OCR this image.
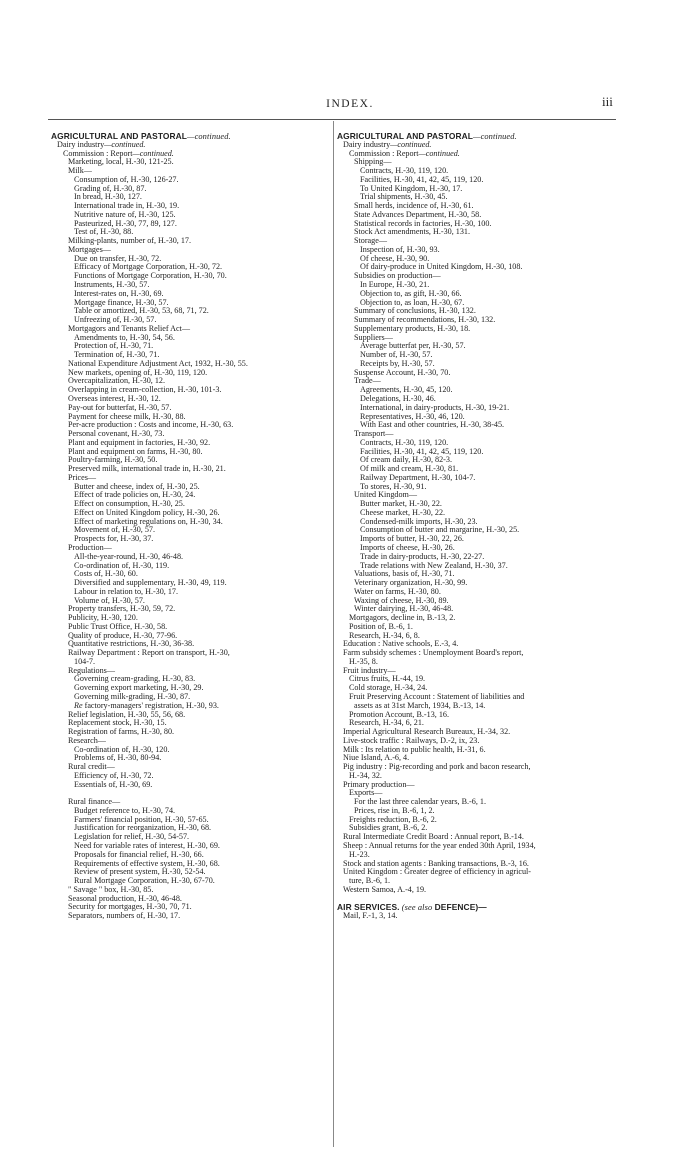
INDEX.	iii
AGRICULTURAL AND PASTORAL—continued.
Dairy industry—continued.
Commission : Report—continued.
Marketing, local, H.-30, 121-25.
Milk—
Consumption of, H.-30, 126-27.
Grading of, H.-30, 87.
In bread, H.-30, 127.
International trade in, H.-30, 19.
Nutritive nature of, H.-30, 125.
Pasteurized, H.-30, 77, 89, 127.
Test of, H.-30, 88.
Milking-plants, number of, H.-30, 17.
Mortgages—
Due on transfer, H.-30, 72.
Efficacy of Mortgage Corporation, H.-30, 72.
Functions of Mortgage Corporation, H.-30, 70.
Instruments, H.-30, 57.
Interest-rates on, H.-30, 69.
Mortgage finance, H.-30, 57.
Table or amortized, H.-30, 53, 68, 71, 72.
Unfreezing of, H.-30, 57.
Mortgagors and Tenants Relief Act—
Amendments to, H.-30, 54, 56.
Protection of, H.-30, 71.
Termination of, H.-30, 71.
National Expenditure Adjustment Act, 1932, H.-30, 55.
New markets, opening of, H.-30, 119, 120.
Overcapitalization, H.-30, 12.
Overlapping in cream-collection, H.-30, 101-3.
Overseas interest, H.-30, 12.
Pay-out for butterfat, H.-30, 57.
Payment for cheese milk, H.-30, 88.
Per-acre production : Costs and income, H.-30, 63.
Personal covenant, H.-30, 73.
Plant and equipment in factories, H.-30, 92.
Plant and equipment on farms, H.-30, 80.
Poultry-farming, H.-30, 50.
Preserved milk, international trade in, H.-30, 21.
Prices—
Butter and cheese, index of, H.-30, 25.
Effect of trade policies on, H.-30, 24.
Effect on consumption, H.-30, 25.
Effect on United Kingdom policy, H.-30, 26.
Effect of marketing regulations on, H.-30, 34.
Movement of, H.-30, 57.
Prospects for, H.-30, 37.
Production—
All-the-year-round, H.-30, 46-48.
Co-ordination of, H.-30, 119.
Costs of, H.-30, 60.
Diversified and supplementary, H.-30, 49, 119.
Labour in relation to, H.-30, 17.
Volume of, H.-30, 57.
Property transfers, H.-30, 59, 72.
Publicity, H.-30, 120.
Public Trust Office, H.-30, 58.
Quality of produce, H.-30, 77-96.
Quantitative restrictions, H.-30, 36-38.
Railway Department : Report on transport, H.-30,
104-7.
Regulations—
Governing cream-grading, H.-30, 83.
Governing export marketing, H.-30, 29.
Governing milk-grading, H.-30, 87.
Re factory-managers' registration, H.-30, 93.
Relief legislation, H.-30, 55, 56, 68.
Replacement stock, H.-30, 15.
Registration of farms, H.-30, 80.
Research—
Co-ordination of, H.-30, 120.
Problems of, H.-30, 80-94.
Rural credit—
Efficiency of, H.-30, 72.
Essentials of, H.-30, 69.
Rural finance—
Budget reference to, H.-30, 74.
Farmers' financial position, H.-30, 57-65.
Justification for reorganization, H.-30, 68.
Legislation for relief, H.-30, 54-57.
Need for variable rates of interest, H.-30, 69.
Proposals for financial relief, H.-30, 66.
Requirements of effective system, H.-30, 68.
Review of present system, H.-30, 52-54.
Rural Mortgage Corporation, H.-30, 67-70.
" Savage " box, H.-30, 85.
Seasonal production, H.-30, 46-48.
Security for mortgages, H.-30, 70, 71.
Separators, numbers of, H.-30, 17.
AGRICULTURAL AND PASTORAL—continued.
Dairy industry—continued.
Commission : Report—continued.
Shipping—
Contracts, H.-30, 119, 120.
Facilities, H.-30, 41, 42, 45, 119, 120.
To United Kingdom, H.-30, 17.
Trial shipments, H.-30, 45.
Small herds, incidence of, H.-30, 61.
State Advances Department, H.-30, 58.
Statistical records in factories, H.-30, 100.
Stock Act amendments, H.-30, 131.
Storage—
Inspection of, H.-30, 93.
Of cheese, H.-30, 90.
Of dairy-produce in United Kingdom, H.-30, 108.
Subsidies on production—
In Europe, H.-30, 21.
Objection to, as gift, H.-30, 66.
Objection to, as loan, H.-30, 67.
Summary of conclusions, H.-30, 132.
Summary of recommendations, H.-30, 132.
Supplementary products, H.-30, 18.
Suppliers—
Average butterfat per, H.-30, 57.
Number of, H.-30, 57.
Receipts by, H.-30, 57.
Suspense Account, H.-30, 70.
Trade—
Agreements, H.-30, 45, 120.
Delegations, H.-30, 46.
International, in dairy-products, H.-30, 19-21.
Representatives, H.-30, 46, 120.
With East and other countries, H.-30, 38-45.
Transport—
Contracts, H.-30, 119, 120.
Facilities, H.-30, 41, 42, 45, 119, 120.
Of cream daily, H.-30, 82-3.
Of milk and cream, H.-30, 81.
Railway Department, H.-30, 104-7.
To stores, H.-30, 91.
United Kingdom—
Butter market, H.-30, 22.
Cheese market, H.-30, 22.
Condensed-milk imports, H.-30, 23.
Consumption of butter and margarine, H.-30, 25.
Imports of butter, H.-30, 22, 26.
Imports of cheese, H.-30, 26.
Trade in dairy-products, H.-30, 22-27.
Trade relations with New Zealand, H.-30, 37.
Valuations, basis of, H.-30, 71.
Veterinary organization, H.-30, 99.
Water on farms, H.-30, 80.
Waxing of cheese, H.-30, 89.
Winter dairying, H.-30, 46-48.
Mortgagors, decline in, B.-13, 2.
Position of, B.-6, 1.
Research, H.-34, 6, 8.
Education : Native schools, E.-3, 4.
Farm subsidy schemes : Unemployment Board's report,
H.-35, 8.
Fruit industry—
Citrus fruits, H.-44, 19.
Cold storage, H.-34, 24.
Fruit Preserving Account : Statement of liabilities and
assets as at 31st March, 1934, B.-13, 14.
Promotion Account, B.-13, 16.
Research, H.-34, 6, 21.
Imperial Agricultural Research Bureaux, H.-34, 32.
Live-stock traffic : Railways, D.-2, ix, 23.
Milk : Its relation to public health, H.-31, 6.
Niue Island, A.-6, 4.
Pig industry : Pig-recording and pork and bacon research,
H.-34, 32.
Primary production—
Exports—
For the last three calendar years, B.-6, 1.
Prices, rise in, B.-6, 1, 2.
Freights reduction, B.-6, 2.
Subsidies grant, B.-6, 2.
Rural Intermediate Credit Board : Annual report, B.-14.
Sheep : Annual returns for the year ended 30th April, 1934,
H.-23.
Stock and station agents : Banking transactions, B.-3, 16.
United Kingdom : Greater degree of efficiency in agricul-
ture, B.-6, 1.
Western Samoa, A.-4, 19.
AIR SERVICES. (see also DEFENCE)—
Mail, F.-1, 3, 14.
